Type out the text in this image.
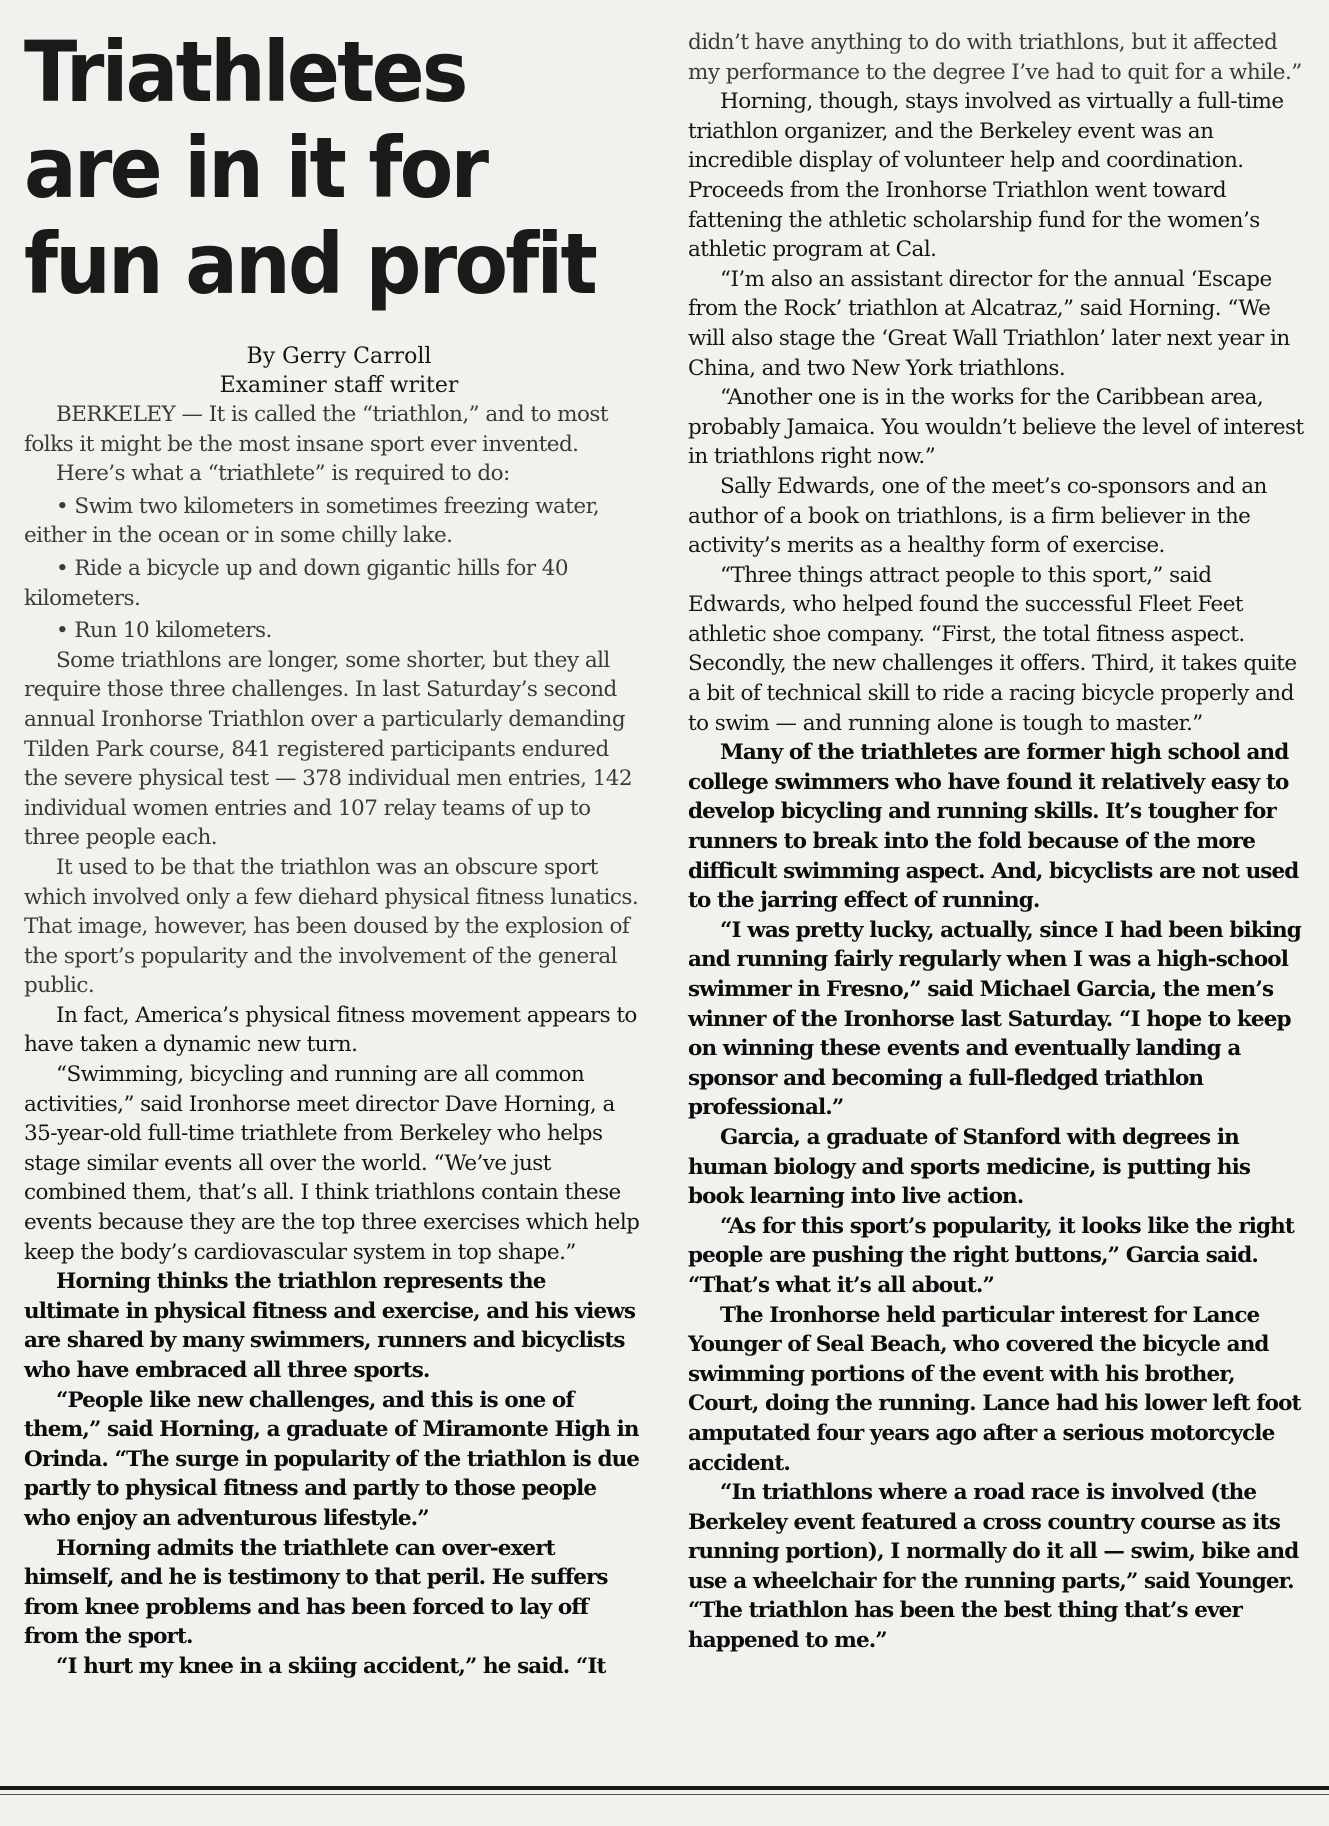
Triathletes
are in it for
fun and profit
By Gerry Carroll
Examiner staff writer

BERKELEY — It is called the “triathlon,” and to most folks it might be the most insane sport ever invented.

Here’s what a “triathlete” is required to do:

• Swim two kilometers in sometimes freezing water, either in the ocean or in some chilly lake.

• Ride a bicycle up and down gigantic hills for 40 kilometers.

• Run 10 kilometers.

Some triathlons are longer, some shorter, but they all require those three challenges. In last Saturday’s second annual Ironhorse Triathlon over a particularly demanding Tilden Park course, 841 registered participants endured the severe physical test — 378 individual men entries, 142 individual women entries and 107 relay teams of up to three people each.

It used to be that the triathlon was an obscure sport which involved only a few diehard physical fitness lunatics. That image, however, has been doused by the explosion of the sport’s popularity and the involvement of the general public.

In fact, America’s physical fitness movement appears to have taken a dynamic new turn.

“Swimming, bicycling and running are all common activities,” said Ironhorse meet director Dave Horning, a 35-year-old full-time triathlete from Berkeley who helps stage similar events all over the world. “We’ve just combined them, that’s all. I think triathlons contain these events because they are the top three exercises which help keep the body’s cardiovascular system in top shape.”

Horning thinks the triathlon represents the ultimate in physical fitness and exercise, and his views are shared by many swimmers, runners and bicyclists who have embraced all three sports.

“People like new challenges, and this is one of them,” said Horning, a graduate of Miramonte High in Orinda. “The surge in popularity of the triathlon is due partly to physical fitness and partly to those people who enjoy an adventurous lifestyle.”

Horning admits the triathlete can over-exert himself, and he is testimony to that peril. He suffers from knee problems and has been forced to lay off from the sport.

“I hurt my knee in a skiing accident,” he said. “It

didn’t have anything to do with triathlons, but it affected my performance to the degree I’ve had to quit for a while.”

Horning, though, stays involved as virtually a full-time triathlon organizer, and the Berkeley event was an incredible display of volunteer help and coordination. Proceeds from the Ironhorse Triathlon went toward fattening the athletic scholarship fund for the women’s athletic program at Cal.

“I’m also an assistant director for the annual ‘Escape from the Rock’ triathlon at Alcatraz,” said Horning. “We will also stage the ‘Great Wall Triathlon’ later next year in China, and two New York triathlons.

“Another one is in the works for the Caribbean area, probably Jamaica. You wouldn’t believe the level of interest in triathlons right now.”

Sally Edwards, one of the meet’s co-sponsors and an author of a book on triathlons, is a firm believer in the activity’s merits as a healthy form of exercise.

“Three things attract people to this sport,” said Edwards, who helped found the successful Fleet Feet athletic shoe company. “First, the total fitness aspect. Secondly, the new challenges it offers. Third, it takes quite a bit of technical skill to ride a racing bicycle properly and to swim — and running alone is tough to master.”

Many of the triathletes are former high school and college swimmers who have found it relatively easy to develop bicycling and running skills. It’s tougher for runners to break into the fold because of the more difficult swimming aspect. And, bicyclists are not used to the jarring effect of running.

“I was pretty lucky, actually, since I had been biking and running fairly regularly when I was a high-school swimmer in Fresno,” said Michael Garcia, the men’s winner of the Ironhorse last Saturday. “I hope to keep on winning these events and eventually landing a sponsor and becoming a full-fledged triathlon professional.”

Garcia, a graduate of Stanford with degrees in human biology and sports medicine, is putting his book learning into live action.

“As for this sport’s popularity, it looks like the right people are pushing the right buttons,” Garcia said. “That’s what it’s all about.”

The Ironhorse held particular interest for Lance Younger of Seal Beach, who covered the bicycle and swimming portions of the event with his brother, Court, doing the running. Lance had his lower left foot amputated four years ago after a serious motorcycle accident.

“In triathlons where a road race is involved (the Berkeley event featured a cross country course as its running portion), I normally do it all — swim, bike and use a wheelchair for the running parts,” said Younger. “The triathlon has been the best thing that’s ever happened to me.”
